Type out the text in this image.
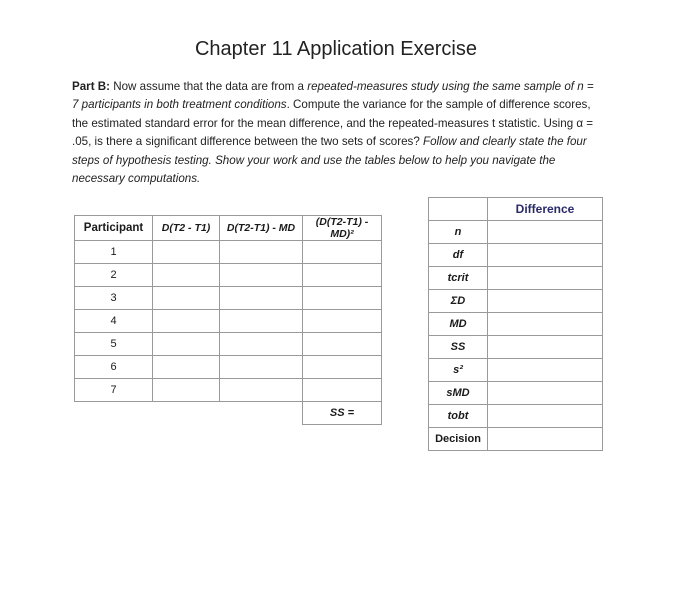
Chapter 11 Application Exercise
Part B: Now assume that the data are from a repeated-measures study using the same sample of n = 7 participants in both treatment conditions. Compute the variance for the sample of difference scores, the estimated standard error for the mean difference, and the repeated-measures t statistic. Using α = .05, is there a significant difference between the two sets of scores? Follow and clearly state the four steps of hypothesis testing. Show your work and use the tables below to help you navigate the necessary computations.
Participant	D(T2 - T1)	D(T2-T1) - MD	(D(T2-T1) - MD)²
1			
2			
3			
4			
5			
6			
7			
			SS =
	Difference
n	
df	
tcrit	
ΣD	
MD	
SS	
s²	
sMD	
tobt	
Decision	
